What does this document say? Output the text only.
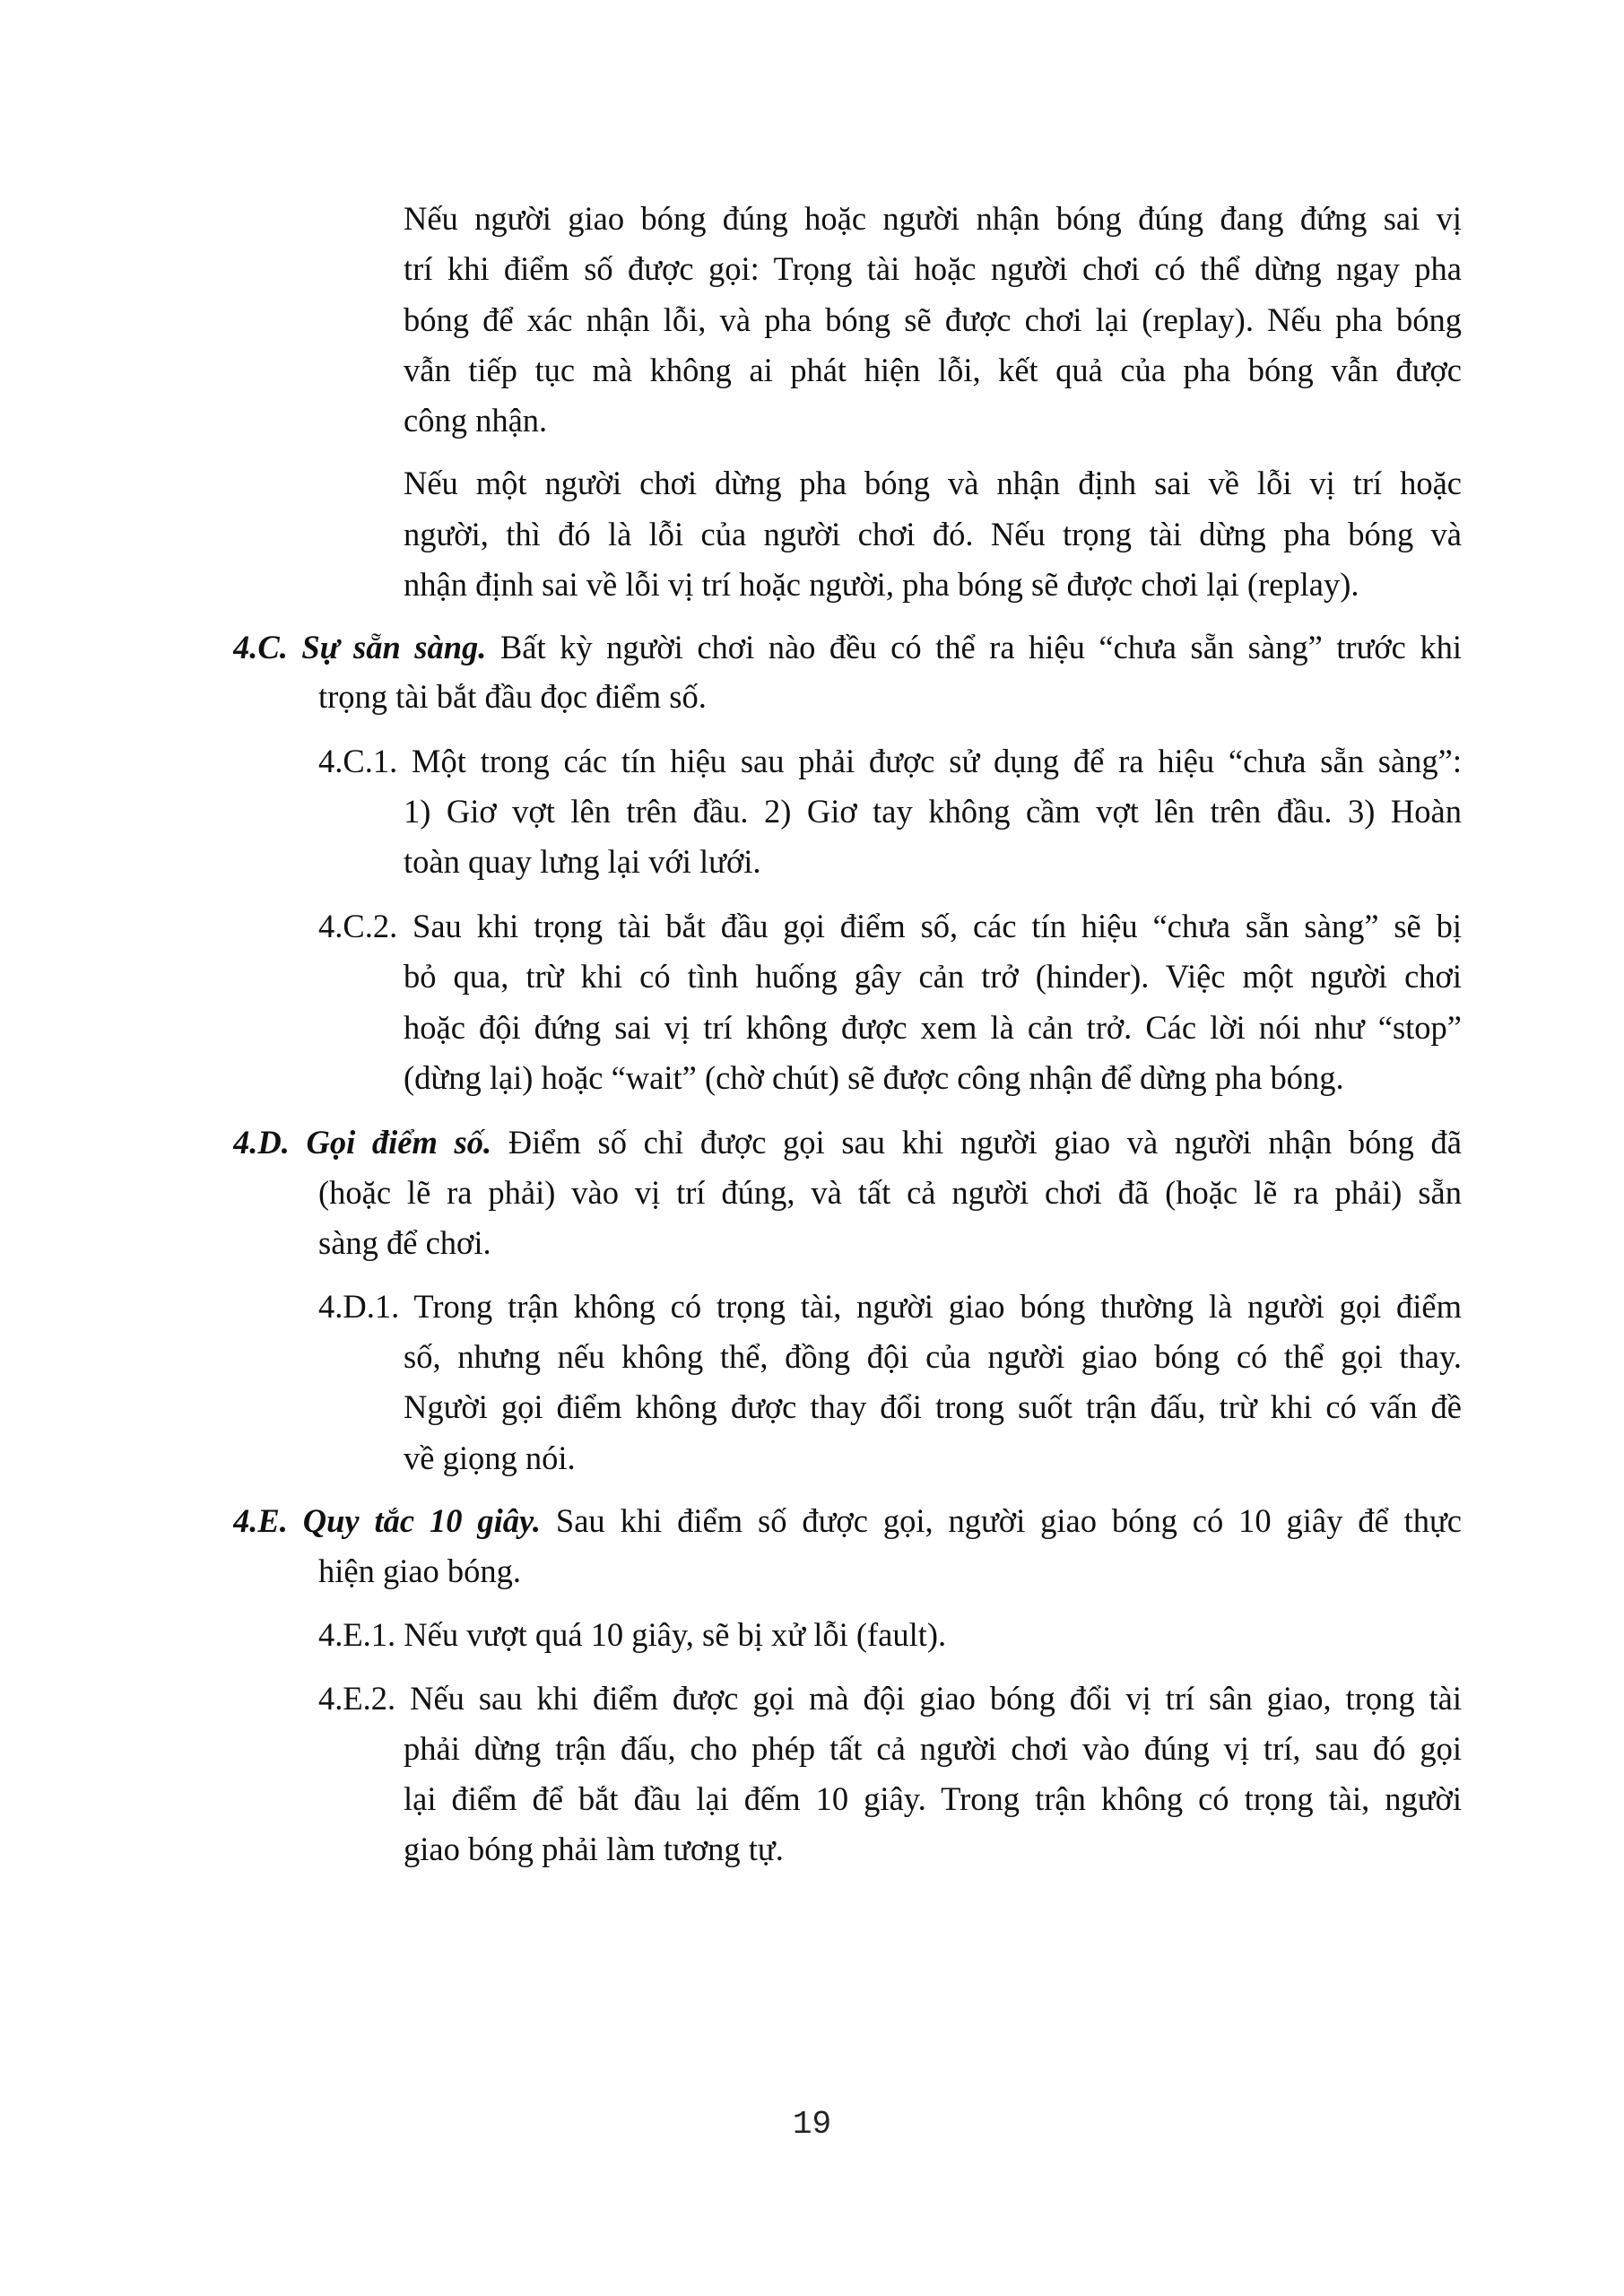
Nếu người giao bóng đúng hoặc người nhận bóng đúng đang đứng sai vị
trí khi điểm số được gọi: Trọng tài hoặc người chơi có thể dừng ngay pha
bóng để xác nhận lỗi, và pha bóng sẽ được chơi lại (replay). Nếu pha bóng
vẫn tiếp tục mà không ai phát hiện lỗi, kết quả của pha bóng vẫn được
công nhận.
Nếu một người chơi dừng pha bóng và nhận định sai về lỗi vị trí hoặc
người, thì đó là lỗi của người chơi đó. Nếu trọng tài dừng pha bóng và
nhận định sai về lỗi vị trí hoặc người, pha bóng sẽ được chơi lại (replay).
4.C. Sự sẵn sàng. Bất kỳ người chơi nào đều có thể ra hiệu “chưa sẵn sàng” trước khi
trọng tài bắt đầu đọc điểm số.
4.C.1. Một trong các tín hiệu sau phải được sử dụng để ra hiệu “chưa sẵn sàng”:
1) Giơ vợt lên trên đầu. 2) Giơ tay không cầm vợt lên trên đầu. 3) Hoàn
toàn quay lưng lại với lưới.
4.C.2. Sau khi trọng tài bắt đầu gọi điểm số, các tín hiệu “chưa sẵn sàng” sẽ bị
bỏ qua, trừ khi có tình huống gây cản trở (hinder). Việc một người chơi
hoặc đội đứng sai vị trí không được xem là cản trở. Các lời nói như “stop”
(dừng lại) hoặc “wait” (chờ chút) sẽ được công nhận để dừng pha bóng.
4.D. Gọi điểm số. Điểm số chỉ được gọi sau khi người giao và người nhận bóng đã
(hoặc lẽ ra phải) vào vị trí đúng, và tất cả người chơi đã (hoặc lẽ ra phải) sẵn
sàng để chơi.
4.D.1. Trong trận không có trọng tài, người giao bóng thường là người gọi điểm
số, nhưng nếu không thể, đồng đội của người giao bóng có thể gọi thay.
Người gọi điểm không được thay đổi trong suốt trận đấu, trừ khi có vấn đề
về giọng nói.
4.E. Quy tắc 10 giây. Sau khi điểm số được gọi, người giao bóng có 10 giây để thực
hiện giao bóng.
4.E.1. Nếu vượt quá 10 giây, sẽ bị xử lỗi (fault).
4.E.2. Nếu sau khi điểm được gọi mà đội giao bóng đổi vị trí sân giao, trọng tài
phải dừng trận đấu, cho phép tất cả người chơi vào đúng vị trí, sau đó gọi
lại điểm để bắt đầu lại đếm 10 giây. Trong trận không có trọng tài, người
giao bóng phải làm tương tự.
19
